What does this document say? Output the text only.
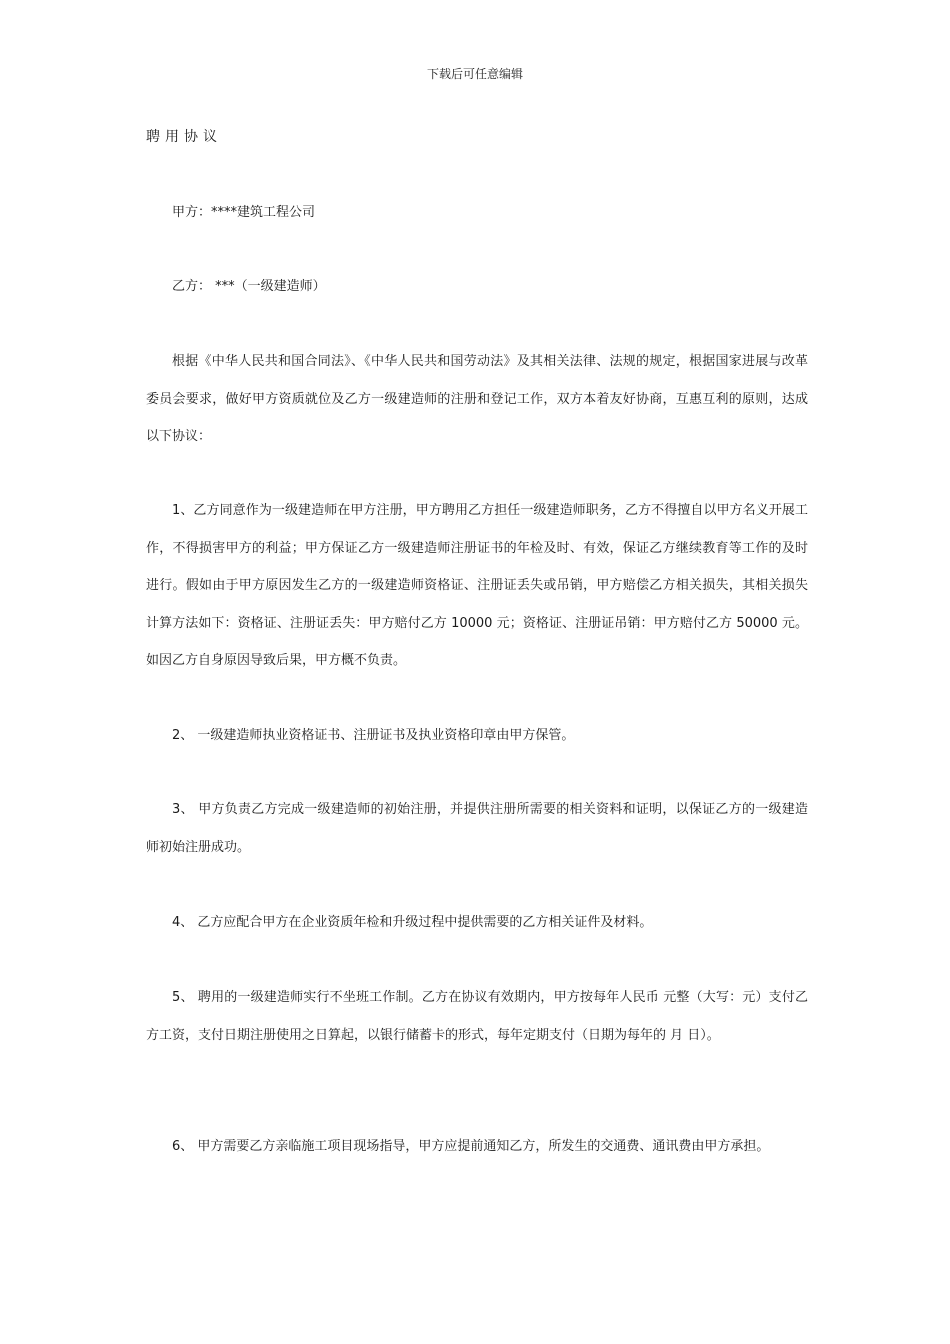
下载后可任意编辑
聘用协议

甲方：****建筑工程公司

乙方： ***（一级建造师）

根据《中华人民共和国合同法》、《中华人民共和国劳动法》及其相关法律、法规的规定，根据国家进展与改革委员会要求，做好甲方资质就位及乙方一级建造师的注册和登记工作，双方本着友好协商，互惠互利的原则，达成以下协议：

1、乙方同意作为一级建造师在甲方注册，甲方聘用乙方担任一级建造师职务，乙方不得擅自以甲方名义开展工作，不得损害甲方的利益；甲方保证乙方一级建造师注册证书的年检及时、有效，保证乙方继续教育等工作的及时进行。假如由于甲方原因发生乙方的一级建造师资格证、注册证丢失或吊销，甲方赔偿乙方相关损失，其相关损失计算方法如下：资格证、注册证丢失：甲方赔付乙方 10000 元；资格证、注册证吊销：甲方赔付乙方 50000 元。如因乙方自身原因导致后果，甲方概不负责。

2、 一级建造师执业资格证书、注册证书及执业资格印章由甲方保管。

3、 甲方负责乙方完成一级建造师的初始注册，并提供注册所需要的相关资料和证明，以保证乙方的一级建造师初始注册成功。

4、 乙方应配合甲方在企业资质年检和升级过程中提供需要的乙方相关证件及材料。

5、 聘用的一级建造师实行不坐班工作制。乙方在协议有效期内，甲方按每年人民币 元整（大写：元）支付乙方工资，支付日期注册使用之日算起，以银行储蓄卡的形式，每年定期支付（日期为每年的 月 日）。

6、 甲方需要乙方亲临施工项目现场指导，甲方应提前通知乙方，所发生的交通费、通讯费由甲方承担。
